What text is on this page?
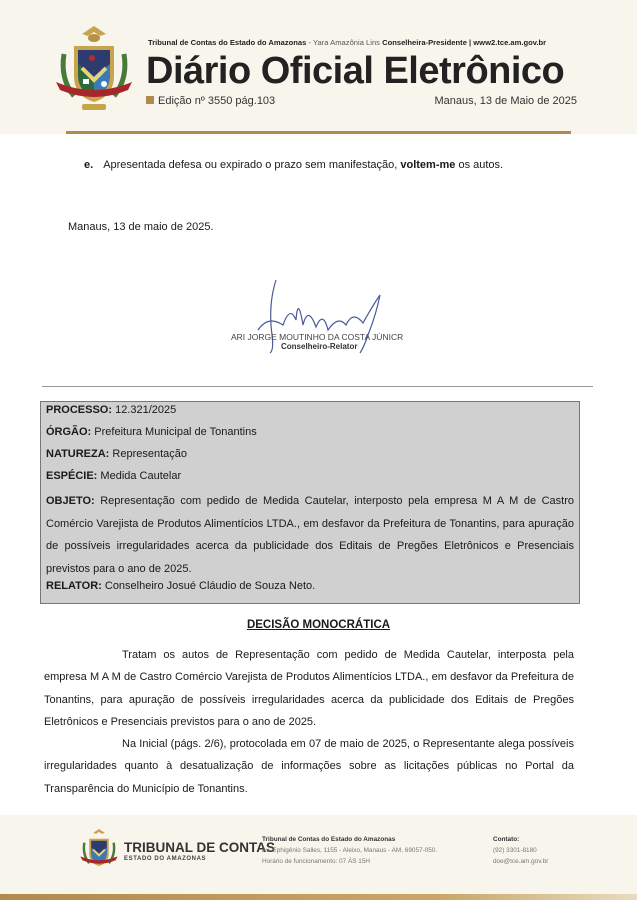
Tribunal de Contas do Estado do Amazonas - Yara Amazônia Lins Conselheira-Presidente | www2.tce.am.gov.br
Diário Oficial Eletrônico
Edição nº 3550 pág.103	Manaus, 13 de Maio de 2025
e. Apresentada defesa ou expirado o prazo sem manifestação, voltem-me os autos.
Manaus, 13 de maio de 2025.
ARI JORGE MOUTINHO DA COSTA JÚNICR
Conselheiro-Relator
PROCESSO: 12.321/2025
ÓRGÃO: Prefeitura Municipal de Tonantins
NATUREZA: Representação
ESPÉCIE: Medida Cautelar
OBJETO: Representação com pedido de Medida Cautelar, interposto pela empresa M A M de Castro Comércio Varejista de Produtos Alimentícios LTDA., em desfavor da Prefeitura de Tonantins, para apuração de possíveis irregularidades acerca da publicidade dos Editais de Pregões Eletrônicos e Presenciais previstos para o ano de 2025.
RELATOR: Conselheiro Josué Cláudio de Souza Neto.
DECISÃO MONOCRÁTICA
Tratam os autos de Representação com pedido de Medida Cautelar, interposta pela empresa M A M de Castro Comércio Varejista de Produtos Alimentícios LTDA., em desfavor da Prefeitura de Tonantins, para apuração de possíveis irregularidades acerca da publicidade dos Editais de Pregões Eletrônicos e Presenciais previstos para o ano de 2025.
Na Inicial (págs. 2/6), protocolada em 07 de maio de 2025, o Representante alega possíveis irregularidades quanto à desatualização de informações sobre as licitações públicas no Portal da Transparência do Município de Tonantins.
TRIBUNAL DE CONTAS
ESTADO DO AMAZONAS
Tribunal de Contas do Estado do Amazonas
Av. Ephigênio Salles, 1155 - Aleixo, Manaus - AM, 69057-050.
Horário de funcionamento: 07 ÀS 15H
Contato:
(92) 3301-8180
doe@tce.am.gov.br
